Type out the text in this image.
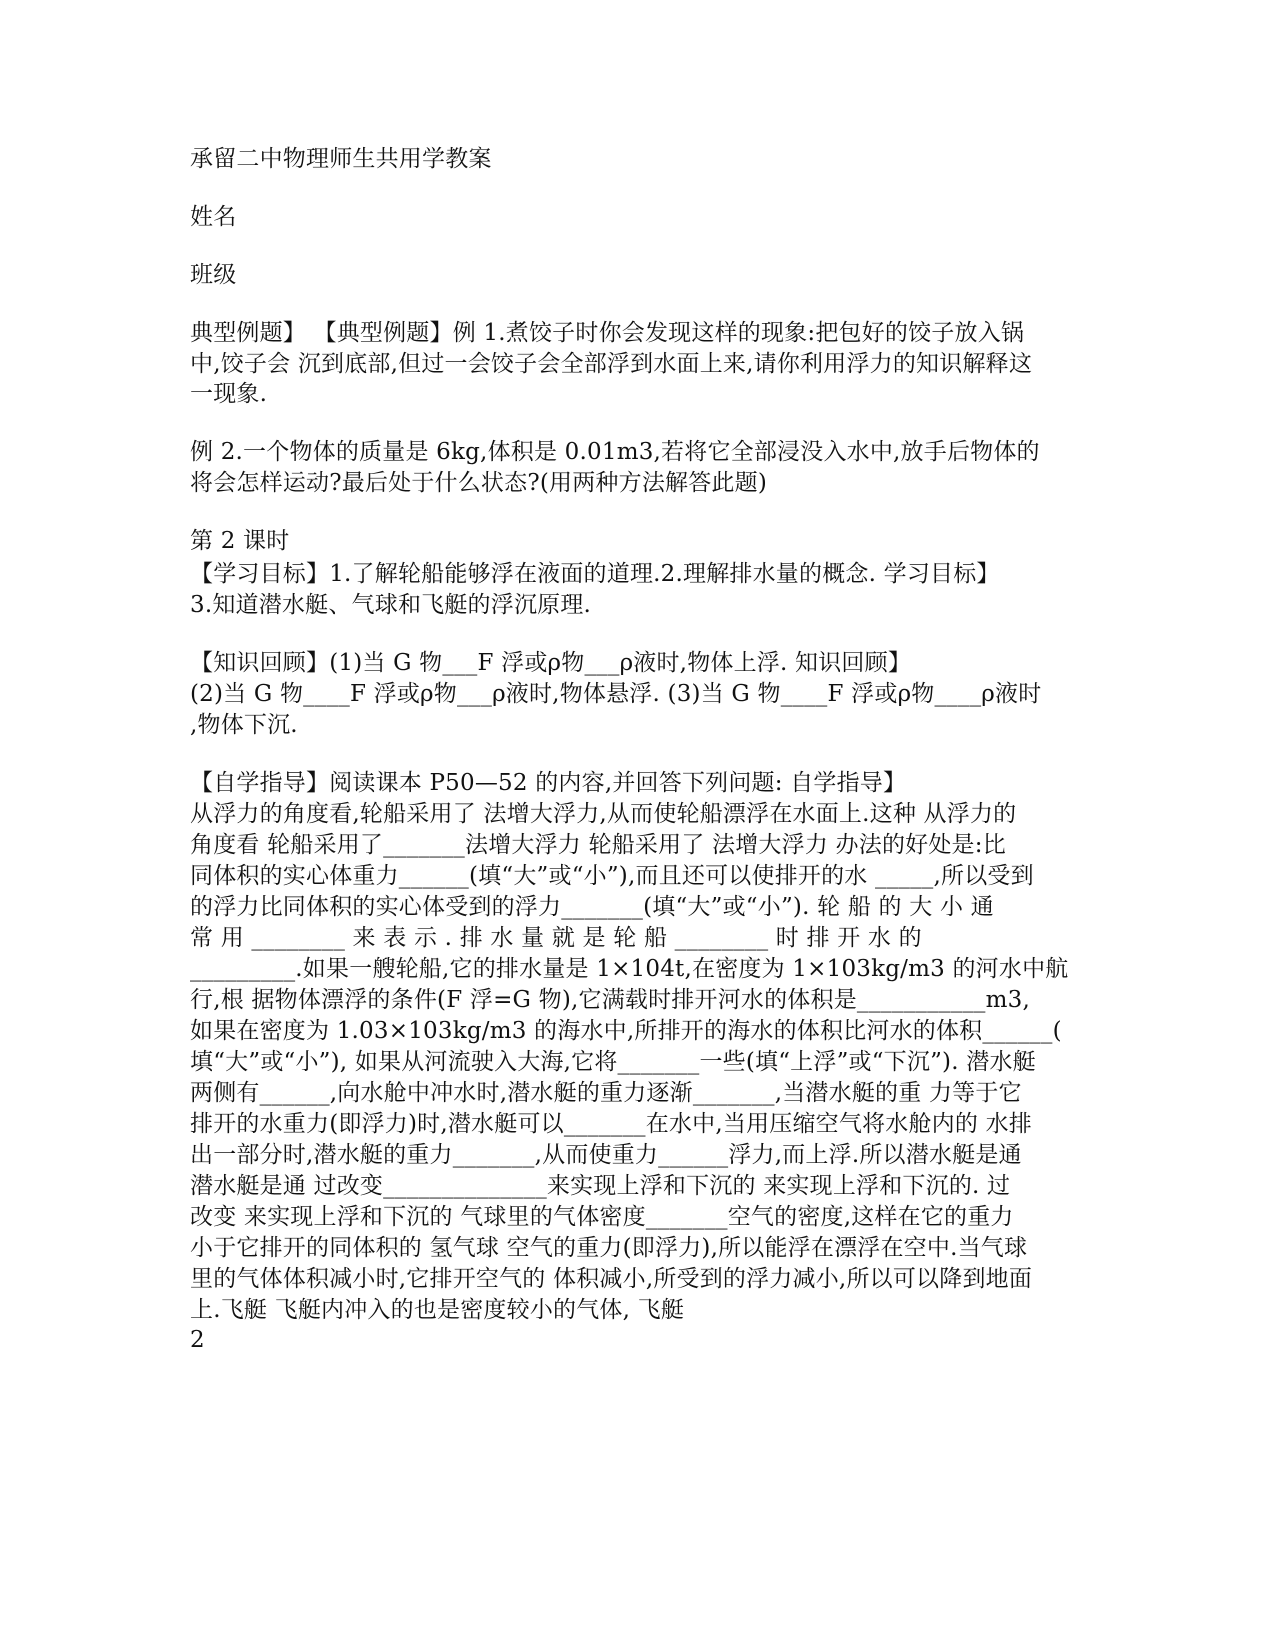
承留二中物理师生共用学教案
姓名
班级
典型例题】 【典型例题】例 1.煮饺子时你会发现这样的现象:把包好的饺子放入锅
中,饺子会 沉到底部,但过一会饺子会全部浮到水面上来,请你利用浮力的知识解释这
一现象.
例 2.一个物体的质量是 6kg,体积是 0.01m3,若将它全部浸没入水中,放手后物体的
将会怎样运动?最后处于什么状态?(用两种方法解答此题)
第 2 课时
【学习目标】1.了解轮船能够浮在液面的道理.2.理解排水量的概念. 学习目标】
3.知道潜水艇、气球和飞艇的浮沉原理.
【知识回顾】(1)当 G 物___F 浮或ρ物___ρ液时,物体上浮. 知识回顾】
(2)当 G 物____F 浮或ρ物___ρ液时,物体悬浮. (3)当 G 物____F 浮或ρ物____ρ液时
,物体下沉.
【自学指导】阅读课本 P50—52 的内容,并回答下列问题: 自学指导】
从浮力的角度看,轮船采用了 法增大浮力,从而使轮船漂浮在水面上.这种 从浮力的
角度看 轮船采用了_______法增大浮力 轮船采用了 法增大浮力 办法的好处是:比
同体积的实心体重力______(填“大”或“小”),而且还可以使排开的水 _____,所以受到
的浮力比同体积的实心体受到的浮力_______(填“大”或“小”). 轮 船 的 大 小 通
常 用 ________ 来 表 示 . 排 水 量 就 是 轮 船 ________ 时 排 开 水 的
_________.如果一艘轮船,它的排水量是 1×104t,在密度为 1×103kg/m3 的河水中航
行,根 据物体漂浮的条件(F 浮=G 物),它满载时排开河水的体积是___________m3,
如果在密度为 1.03×103kg/m3 的海水中,所排开的海水的体积比河水的体积______(
填“大”或“小”), 如果从河流驶入大海,它将_______一些(填“上浮”或“下沉”). 潜水艇
两侧有______,向水舱中冲水时,潜水艇的重力逐渐_______,当潜水艇的重 力等于它
排开的水重力(即浮力)时,潜水艇可以_______在水中,当用压缩空气将水舱内的 水排
出一部分时,潜水艇的重力_______,从而使重力______浮力,而上浮.所以潜水艇是通
潜水艇是通 过改变______________来实现上浮和下沉的 来实现上浮和下沉的. 过
改变 来实现上浮和下沉的 气球里的气体密度_______空气的密度,这样在它的重力
小于它排开的同体积的 氢气球 空气的重力(即浮力),所以能浮在漂浮在空中.当气球
里的气体体积减小时,它排开空气的 体积减小,所受到的浮力减小,所以可以降到地面
上.飞艇 飞艇内冲入的也是密度较小的气体, 飞艇
2
